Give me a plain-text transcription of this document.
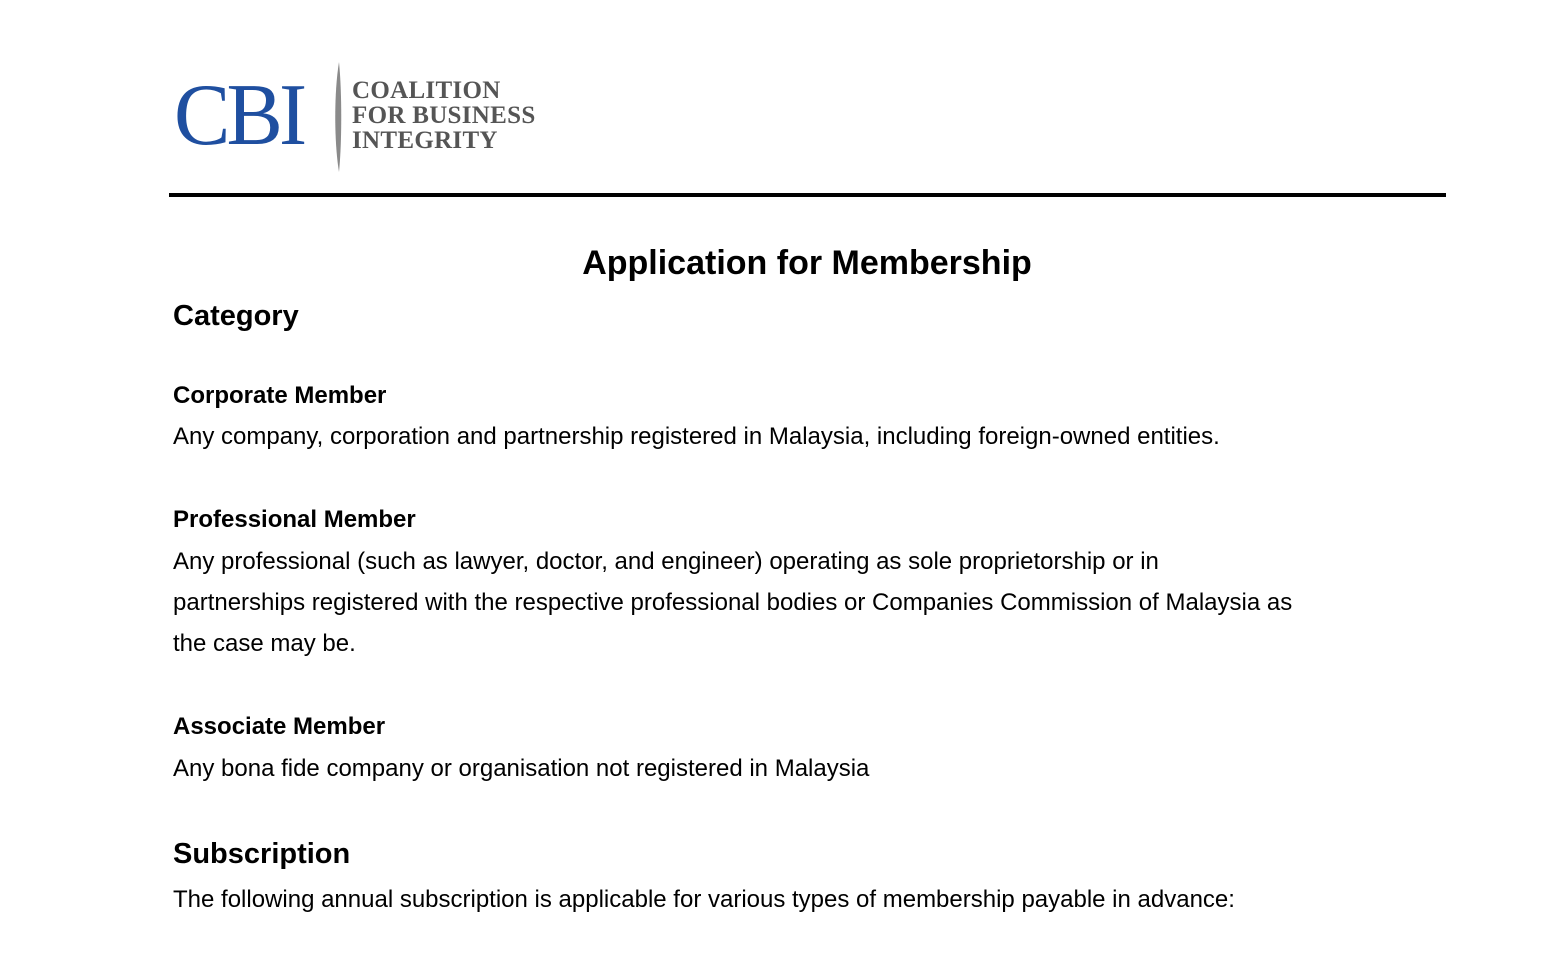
CBI COALITION
FOR BUSINESS
INTEGRITY
Application for Membership
Category
Corporate Member
Any company, corporation and partnership registered in Malaysia, including foreign-owned entities.
Professional Member
Any professional (such as lawyer, doctor, and engineer) operating as sole proprietorship or in
partnerships registered with the respective professional bodies or Companies Commission of Malaysia as
the case may be.
Associate Member
Any bona fide company or organisation not registered in Malaysia
Subscription
The following annual subscription is applicable for various types of membership payable in advance:
